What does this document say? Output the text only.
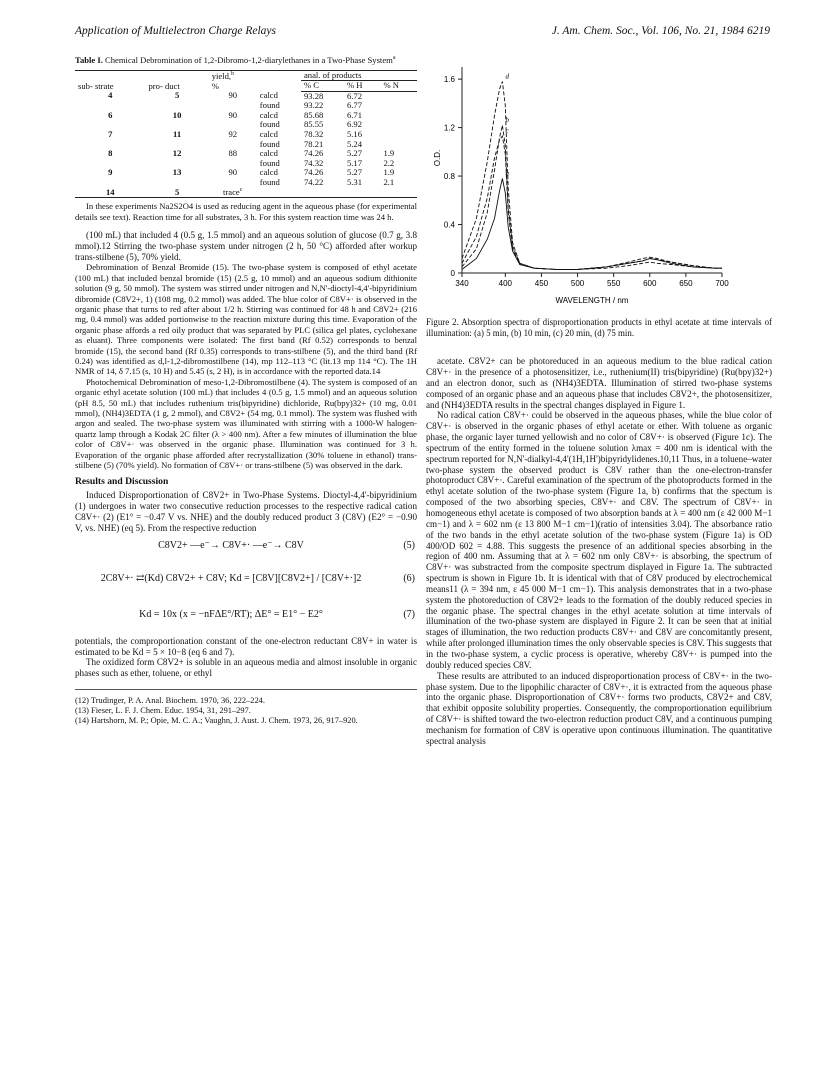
Application of Multielectron Charge Relays	J. Am. Chem. Soc., Vol. 106, No. 21, 1984 6219

Table I. Chemical Debromination of 1,2-Dibromo-1,2-diarylethanes in a Two-Phase System$^a$

sub- strate	pro- duct	yield,$^b$
%		anal. of products		
				% C	% H	% N
4	5	90	calcd	93.28	6.72	
			found	93.22	6.77	
6	10	90	calcd	85.68	6.71	
			found	85.55	6.92	
7	11	92	calcd	78.32	5.16	
			found	78.21	5.24	
8	12	88	calcd	74.26	5.27	1.9
			found	74.32	5.17	2.2
9	13	90	calcd	74.26	5.27	1.9
			found	74.22	5.31	2.1
14	5	trace$^c$				

In these experiments Na2S2O4 is used as reducing agent in the aqueous phase (for experimental details see text). Reaction time for all substrates, 3 h. For this system reaction time was 24 h.

(100 mL) that included 4 (0.5 g, 1.5 mmol) and an aqueous solution of glucose (0.7 g, 3.8 mmol).12 Stirring the two-phase system under nitrogen (2 h, 50 °C) afforded after workup trans-stilbene (5), 70% yield.

Debromination of Benzal Bromide (15). The two-phase system is composed of ethyl acetate (100 mL) that included benzal bromide (15) (2.5 g, 10 mmol) and an aqueous sodium dithionite solution (9 g, 50 mmol). The system was stirred under nitrogen and N,N'-dioctyl-4,4'-bipyridinium dibromide (C8V2+, 1) (108 mg, 0.2 mmol) was added. The blue color of C8V+· is observed in the organic phase that turns to red after about 1/2 h. Stirring was continued for 48 h and C8V2+ (216 mg, 0.4 mmol) was added portionwise to the reaction mixture during this time. Evaporation of the organic phase affords a red oily product that was separated by PLC (silica gel plates, cyclohexane as eluant). Three components were isolated: The first band (Rf 0.52) corresponds to benzal bromide (15), the second band (Rf 0.35) corresponds to trans-stilbene (5), and the third band (Rf 0.24) was identified as d,l-1,2-dibromostilbene (14), mp 112–113 °C (lit.13 mp 114 °C). The 1H NMR of 14, δ 7.15 (s, 10 H) and 5.45 (s, 2 H), is in accordance with the reported data.14

Photochemical Debromination of meso-1,2-Dibromostilbene (4). The system is composed of an organic ethyl acetate solution (100 mL) that includes 4 (0.5 g, 1.5 mmol) and an aqueous solution (pH 8.5, 50 mL) that includes ruthenium tris(bipyridine) dichloride, Ru(bpy)32+ (10 mg, 0.01 mmol), (NH4)3EDTA (1 g, 2 mmol), and C8V2+ (54 mg, 0.1 mmol). The system was flushed with argon and sealed. The two-phase system was illuminated with stirring with a 1000-W halogen-quartz lamp through a Kodak 2C filter (λ > 400 nm). After a few minutes of illumination the blue color of C8V+· was observed in the organic phase. Illumination was continued for 3 h. Evaporation of the organic phase afforded after recrystallization (30% toluene in ethanol) trans-stilbene (5) (70% yield). No formation of C8V+· or trans-stilbene (5) was observed in the dark.

Results and Discussion

Induced Disproportionation of C8V2+ in Two-Phase Systems. Dioctyl-4,4'-bipyridinium (1) undergoes in water two consecutive reduction processes to the respective radical cation C8V+· (2) (E1° = −0.47 V vs. NHE) and the doubly reduced product 3 (C8V) (E2° = −0.90 V, vs. NHE) (eq 5). From the respective reduction

C8V2+ —e⁻→ C8V+· —e⁻→ C8V	(5)
2C8V+· ⇄(Kd) C8V2+ + C8V; Kd = [C8V][C8V2+] / [C8V+·]2	(6)
Kd = 10x (x = −nFΔE°/RT); ΔE° = E1° − E2°	(7)

potentials, the comproportionation constant of the one-electron reductant C8V+ in water is estimated to be Kd = 5 × 10−8 (eq 6 and 7).

The oxidized form C8V2+ is soluble in an aqueous media and almost insoluble in organic phases such as ether, toluene, or ethyl

(12) Trudinger, P. A. Anal. Biochem. 1970, 36, 222–224.
(13) Fieser, L. F. J. Chem. Educ. 1954, 31, 291–297.
(14) Hartshorn, M. P.; Opie, M. C. A.; Vaughn, J. Aust. J. Chem. 1973, 26, 917–920.
340	400	450	500	550	600	650	700
0
0.4
0.8
1.2
1.6
WAVELENGTH / nm
O.D.
a
b
c
d

Figure 2. Absorption spectra of disproportionation products in ethyl acetate at time intervals of illumination: (a) 5 min, (b) 10 min, (c) 20 min, (d) 75 min.

acetate. C8V2+ can be photoreduced in an aqueous medium to the blue radical cation C8V+· in the presence of a photosensitizer, i.e., ruthenium(II) tris(bipyridine) (Ru(bpy)32+) and an electron donor, such as (NH4)3EDTA. Illumination of stirred two-phase systems composed of an organic phase and an aqueous phase that includes C8V2+, the photosensitizer, and (NH4)3EDTA results in the spectral changes displayed in Figure 1.

No radical cation C8V+· could be observed in the aqueous phases, while the blue color of C8V+· is observed in the organic phases of ethyl acetate or ether. With toluene as organic phase, the organic layer turned yellowish and no color of C8V+· is observed (Figure 1c). The spectrum of the entity formed in the toluene solution λmax = 400 nm is identical with the spectrum reported for N,N'-dialkyl-4,4'(1H,1H')bipyridylidenes.10,11 Thus, in a toluene–water two-phase system the observed product is C8V rather than the one-electron-transfer photoproduct C8V+·. Careful examination of the spectrum of the photoproducts formed in the ethyl acetate solution of the two-phase system (Figure 1a, b) confirms that the spectum is composed of the two absorbing species, C8V+· and C8V. The spectrum of C8V+· in homogeneous ethyl acetate is composed of two absorption bands at λ = 400 nm (ε 42 000 M−1 cm−1) and λ = 602 nm (ε 13 800 M−1 cm−1)(ratio of intensities 3.04). The absorbance ratio of the two bands in the ethyl acetate solution of the two-phase system (Figure 1a) is OD 400/OD 602 = 4.88. This suggests the presence of an additional species absorbing in the region of 400 nm. Assuming that at λ = 602 nm only C8V+· is absorbing, the spectrum of C8V+· was substracted from the composite spectrum displayed in Figure 1a. The subtracted spectrum is shown in Figure 1b. It is identical with that of C8V produced by electrochemical means11 (λ = 394 nm, ε 45 000 M−1 cm−1). This analysis demonstrates that in a two-phase system the photoreduction of C8V2+ leads to the formation of the doubly reduced species in the organic phase. The spectral changes in the ethyl acetate solution at time intervals of illumination of the two-phase system are displayed in Figure 2. It can be seen that at initial stages of illumination, the two reduction products C8V+· and C8V are concomitantly present, while after prolonged illumination times the only observable species is C8V. This suggests that in the two-phase system, a cyclic process is operative, whereby C8V+· is pumped into the doubly reduced species C8V.

These results are attributed to an induced disproportionation process of C8V+· in the two-phase system. Due to the lipophilic character of C8V+·, it is extracted from the aqueous phase into the organic phase. Disproportionation of C8V+· forms two products, C8V2+ and C8V, that exhibit opposite solubility properties. Consequently, the comproportionation equilibrium of C8V+· is shifted toward the two-electron reduction product C8V, and a continuous pumping mechanism for formation of C8V is operative upon continuous illumination. The quantitative spectral analysis
